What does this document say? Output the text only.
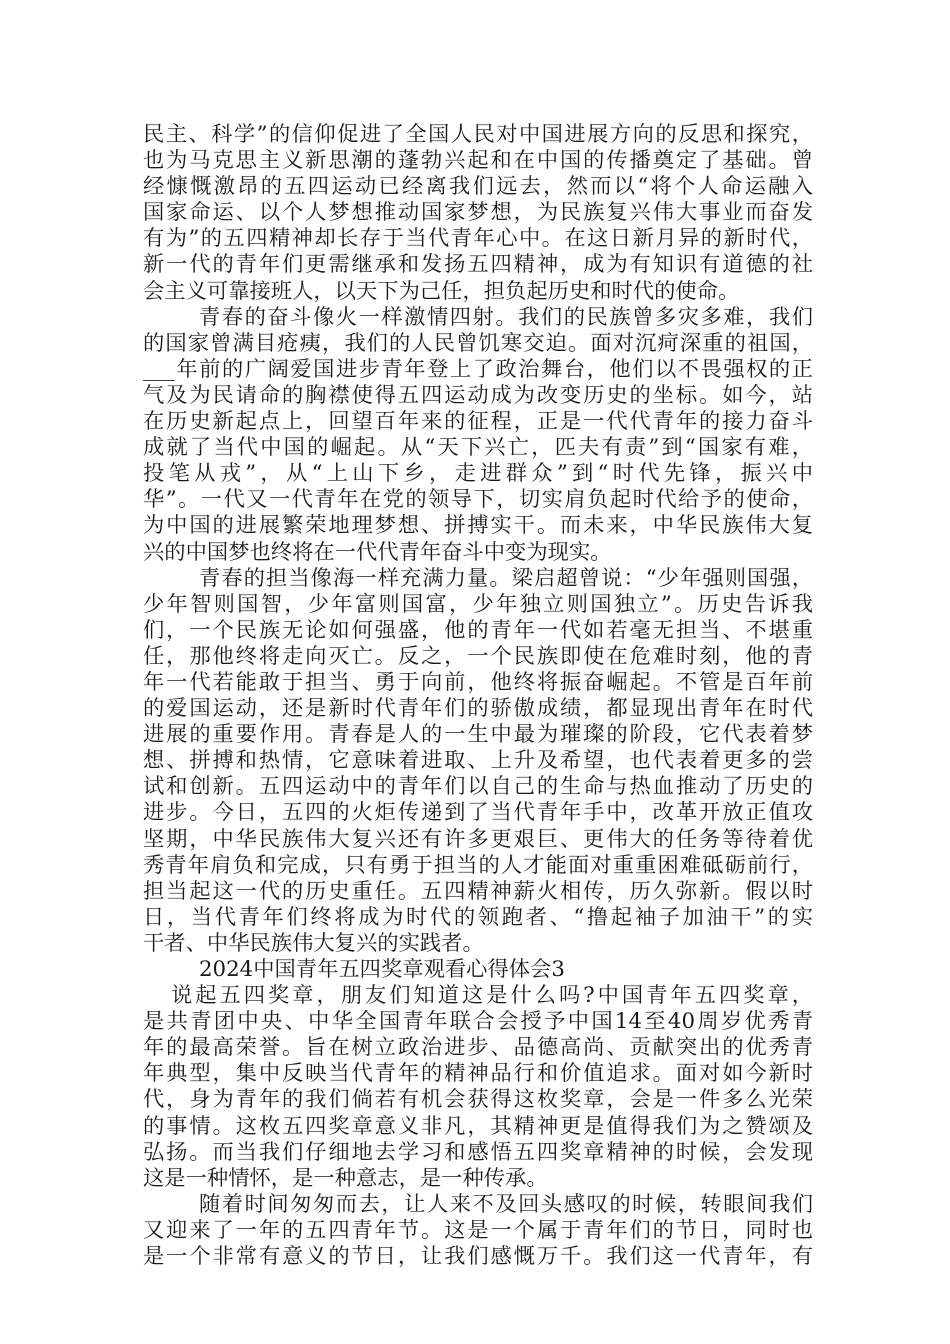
民主、科学”的信仰促进了全国人民对中国进展方向的反思和探究，
也为马克思主义新思潮的蓬勃兴起和在中国的传播奠定了基础。曾
经慷慨激昂的五四运动已经离我们远去，然而以“将个人命运融入
国家命运、以个人梦想推动国家梦想，为民族复兴伟大事业而奋发
有为”的五四精神却长存于当代青年心中。在这日新月异的新时代，
新一代的青年们更需继承和发扬五四精神，成为有知识有道德的社
会主义可靠接班人，以天下为己任，担负起历史和时代的使命。
青春的奋斗像火一样激情四射。我们的民族曾多灾多难，我们
的国家曾满目疮痍，我们的人民曾饥寒交迫。面对沉疴深重的祖国，
___年前的广阔爱国进步青年登上了政治舞台，他们以不畏强权的正
气及为民请命的胸襟使得五四运动成为改变历史的坐标。如今，站
在历史新起点上，回望百年来的征程，正是一代代青年的接力奋斗
成就了当代中国的崛起。从“天下兴亡，匹夫有责”到“国家有难，
投笔从戎”，从“上山下乡，走进群众”到“时代先锋，振兴中
华”。一代又一代青年在党的领导下，切实肩负起时代给予的使命，
为中国的进展繁荣地理梦想、拼搏实干。而未来，中华民族伟大复
兴的中国梦也终将在一代代青年奋斗中变为现实。
青春的担当像海一样充满力量。梁启超曾说：“少年强则国强，
少年智则国智，少年富则国富，少年独立则国独立”。历史告诉我
们，一个民族无论如何强盛，他的青年一代如若毫无担当、不堪重
任，那他终将走向灭亡。反之，一个民族即使在危难时刻，他的青
年一代若能敢于担当、勇于向前，他终将振奋崛起。不管是百年前
的爱国运动，还是新时代青年们的骄傲成绩，都显现出青年在时代
进展的重要作用。青春是人的一生中最为璀璨的阶段，它代表着梦
想、拼搏和热情，它意味着进取、上升及希望，也代表着更多的尝
试和创新。五四运动中的青年们以自己的生命与热血推动了历史的
进步。今日，五四的火炬传递到了当代青年手中，改革开放正值攻
坚期，中华民族伟大复兴还有许多更艰巨、更伟大的任务等待着优
秀青年肩负和完成，只有勇于担当的人才能面对重重困难砥砺前行，
担当起这一代的历史重任。五四精神薪火相传，历久弥新。假以时
日，当代青年们终将成为时代的领跑者、“撸起袖子加油干”的实
干者、中华民族伟大复兴的实践者。
2024中国青年五四奖章观看心得体会3
说起五四奖章，朋友们知道这是什么吗?中国青年五四奖章，
是共青团中央、中华全国青年联合会授予中国14至40周岁优秀青
年的最高荣誉。旨在树立政治进步、品德高尚、贡献突出的优秀青
年典型，集中反映当代青年的精神品行和价值追求。面对如今新时
代，身为青年的我们倘若有机会获得这枚奖章，会是一件多么光荣
的事情。这枚五四奖章意义非凡，其精神更是值得我们为之赞颂及
弘扬。而当我们仔细地去学习和感悟五四奖章精神的时候，会发现
这是一种情怀，是一种意志，是一种传承。
随着时间匆匆而去，让人来不及回头感叹的时候，转眼间我们
又迎来了一年的五四青年节。这是一个属于青年们的节日，同时也
是一个非常有意义的节日，让我们感慨万千。我们这一代青年，有
